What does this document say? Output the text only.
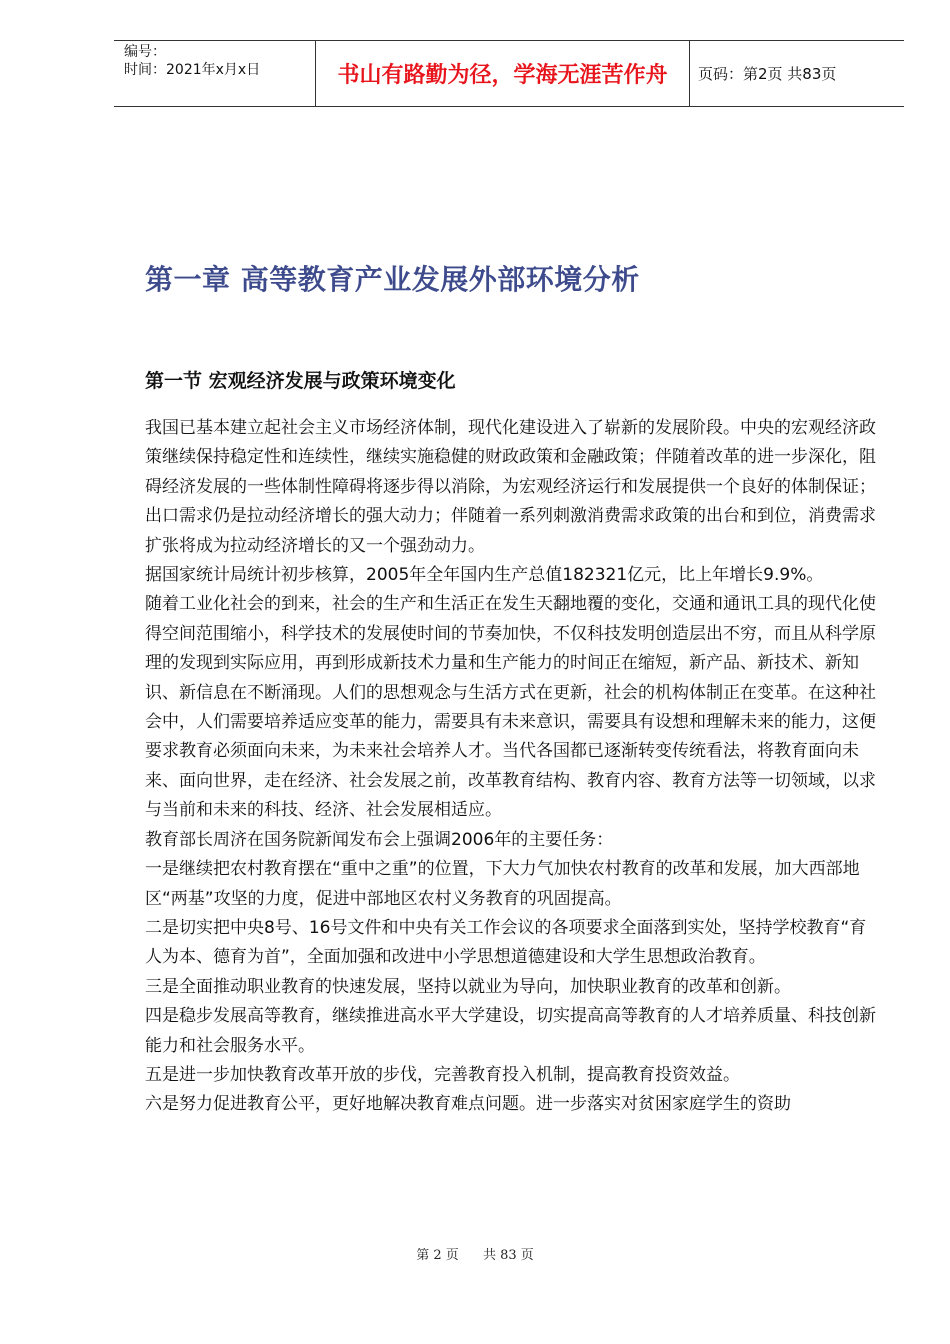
编号：
时间：2021年x月x日	书山有路勤为径，学海无涯苦作舟 页码：第2页 共83页
第一章 高等教育产业发展外部环境分析
第一节 宏观经济发展与政策环境变化

我国已基本建立起社会主义市场经济体制，现代化建设进入了崭新的发展阶段。中央的宏观经济政策继续保持稳定性和连续性，继续实施稳健的财政政策和金融政策；伴随着改革的进一步深化，阻碍经济发展的一些体制性障碍将逐步得以消除，为宏观经济运行和发展提供一个良好的体制保证；出口需求仍是拉动经济增长的强大动力；伴随着一系列刺激消费需求政策的出台和到位，消费需求扩张将成为拉动经济增长的又一个强劲动力。

据国家统计局统计初步核算，2005年全年国内生产总值182321亿元，比上年增长9.9%。

随着工业化社会的到来，社会的生产和生活正在发生天翻地覆的变化，交通和通讯工具的现代化使得空间范围缩小，科学技术的发展使时间的节奏加快，不仅科技发明创造层出不穷，而且从科学原理的发现到实际应用，再到形成新技术力量和生产能力的时间正在缩短，新产品、新技术、新知识、新信息在不断涌现。人们的思想观念与生活方式在更新，社会的机构体制正在变革。在这种社会中，人们需要培养适应变革的能力，需要具有未来意识，需要具有设想和理解未来的能力，这便要求教育必须面向未来，为未来社会培养人才。当代各国都已逐渐转变传统看法，将教育面向未来、面向世界，走在经济、社会发展之前，改革教育结构、教育内容、教育方法等一切领域，以求与当前和未来的科技、经济、社会发展相适应。

教育部长周济在国务院新闻发布会上强调2006年的主要任务：

一是继续把农村教育摆在“重中之重”的位置，下大力气加快农村教育的改革和发展，加大西部地区“两基”攻坚的力度，促进中部地区农村义务教育的巩固提高。

二是切实把中央8号、16号文件和中央有关工作会议的各项要求全面落到实处，坚持学校教育“育人为本、德育为首”，全面加强和改进中小学思想道德建设和大学生思想政治教育。

三是全面推动职业教育的快速发展，坚持以就业为导向，加快职业教育的改革和创新。

四是稳步发展高等教育，继续推进高水平大学建设，切实提高高等教育的人才培养质量、科技创新能力和社会服务水平。

五是进一步加快教育改革开放的步伐，完善教育投入机制，提高教育投资效益。

六是努力促进教育公平，更好地解决教育难点问题。进一步落实对贫困家庭学生的资助

第 2 页 共 83 页
